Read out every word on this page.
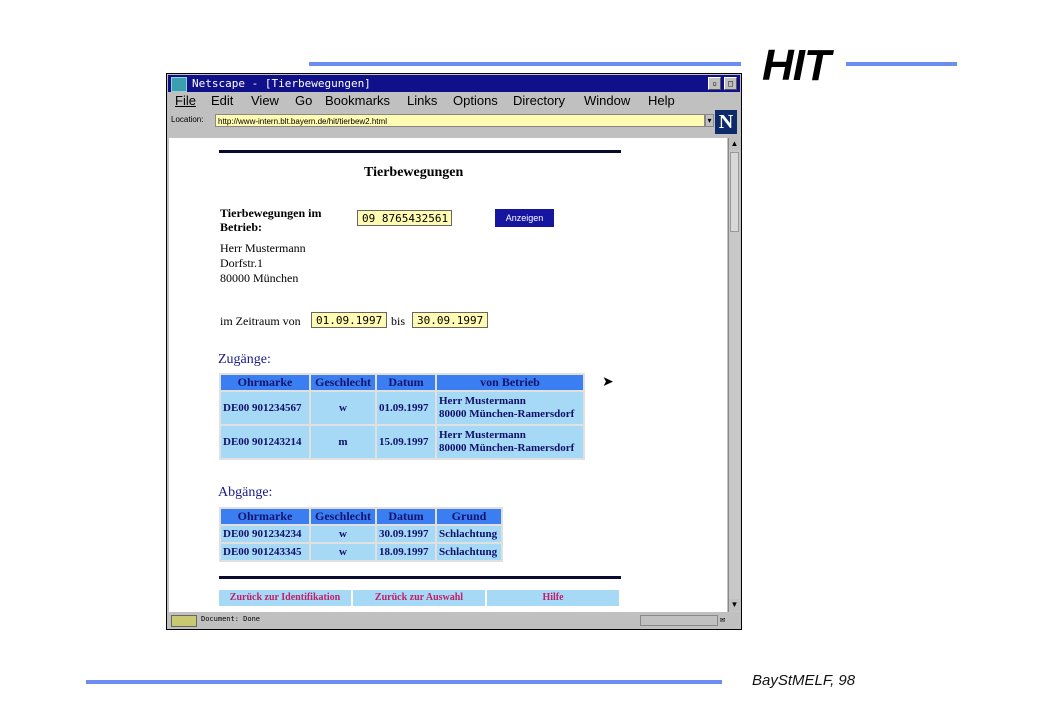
HIT
BayStMELF, 98
Netscape - [Tierbewegungen]	▫	□
File Edit View Go Bookmarks Links Options Directory Window Help
Location:	http://www-intern.blt.bayern.de/hit/tierbew2.html	▾ N
Tierbewegungen
Tierbewegungen im Betrieb:
09 8765432561	Anzeigen
Herr Mustermann
Dorfstr.1
80000 München
im Zeitraum von	01.09.1997 bis	30.09.1997
Zugänge:
Ohrmarke	Geschlecht	Datum	von Betrieb
DE00 901234567	w	01.09.1997	Herr Mustermann
80000 München-Ramersdorf
DE00 901243214	m	15.09.1997	Herr Mustermann
80000 München-Ramersdorf
➤
Abgänge:
Ohrmarke	Geschlecht	Datum	Grund
DE00 901234234	w	30.09.1997	Schlachtung
DE00 901243345	w	18.09.1997	Schlachtung
Zurück zur Identifikation	Zurück zur Auswahl	Hilfe
▲
▼
Document: Done	✉
